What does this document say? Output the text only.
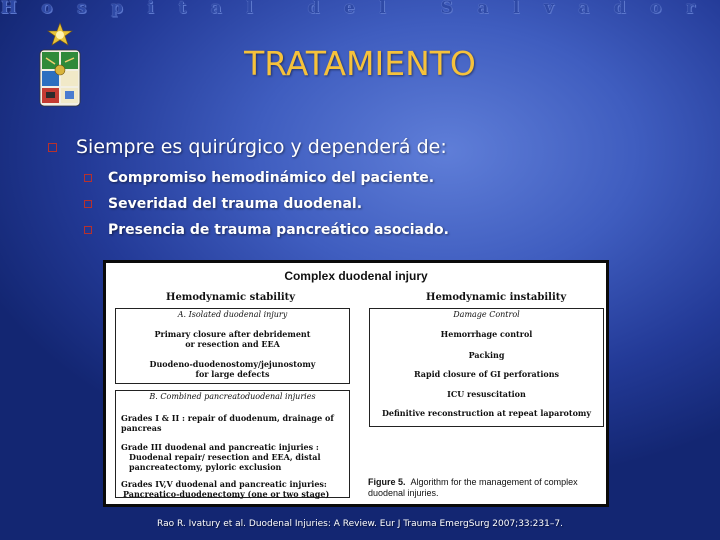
Hospital del Salvador
TRATAMIENTO
Siempre es quirúrgico y dependerá de:
Compromiso hemodinámico del paciente.
Severidad del trauma duodenal.
Presencia de trauma pancreático asociado.
Complex duodenal injury
Hemodynamic stability	Hemodynamic instability
A. Isolated duodenal injury
Primary closure after debridement
or resection and EEA
Duodeno-duodenostomy/jejunostomy
for large defects
B. Combined pancreatoduodenal injuries
Grades I & II : repair of duodenum, drainage of pancreas
Grade III duodenal and pancreatic injuries :
Duodenal repair/ resection and EEA, distal
pancreatectomy, pyloric exclusion
Grades IV,V duodenal and pancreatic injuries:
Pancreatico-duodenectomy (one or two stage)
Damage Control
Hemorrhage control
Packing
Rapid closure of GI perforations
ICU resuscitation
Definitive reconstruction at repeat laparotomy
Figure 5. Algorithm for the management of complex
duodenal injuries.
Rao R. Ivatury et al. Duodenal Injuries: A Review. Eur J Trauma EmergSurg 2007;33:231–7.
